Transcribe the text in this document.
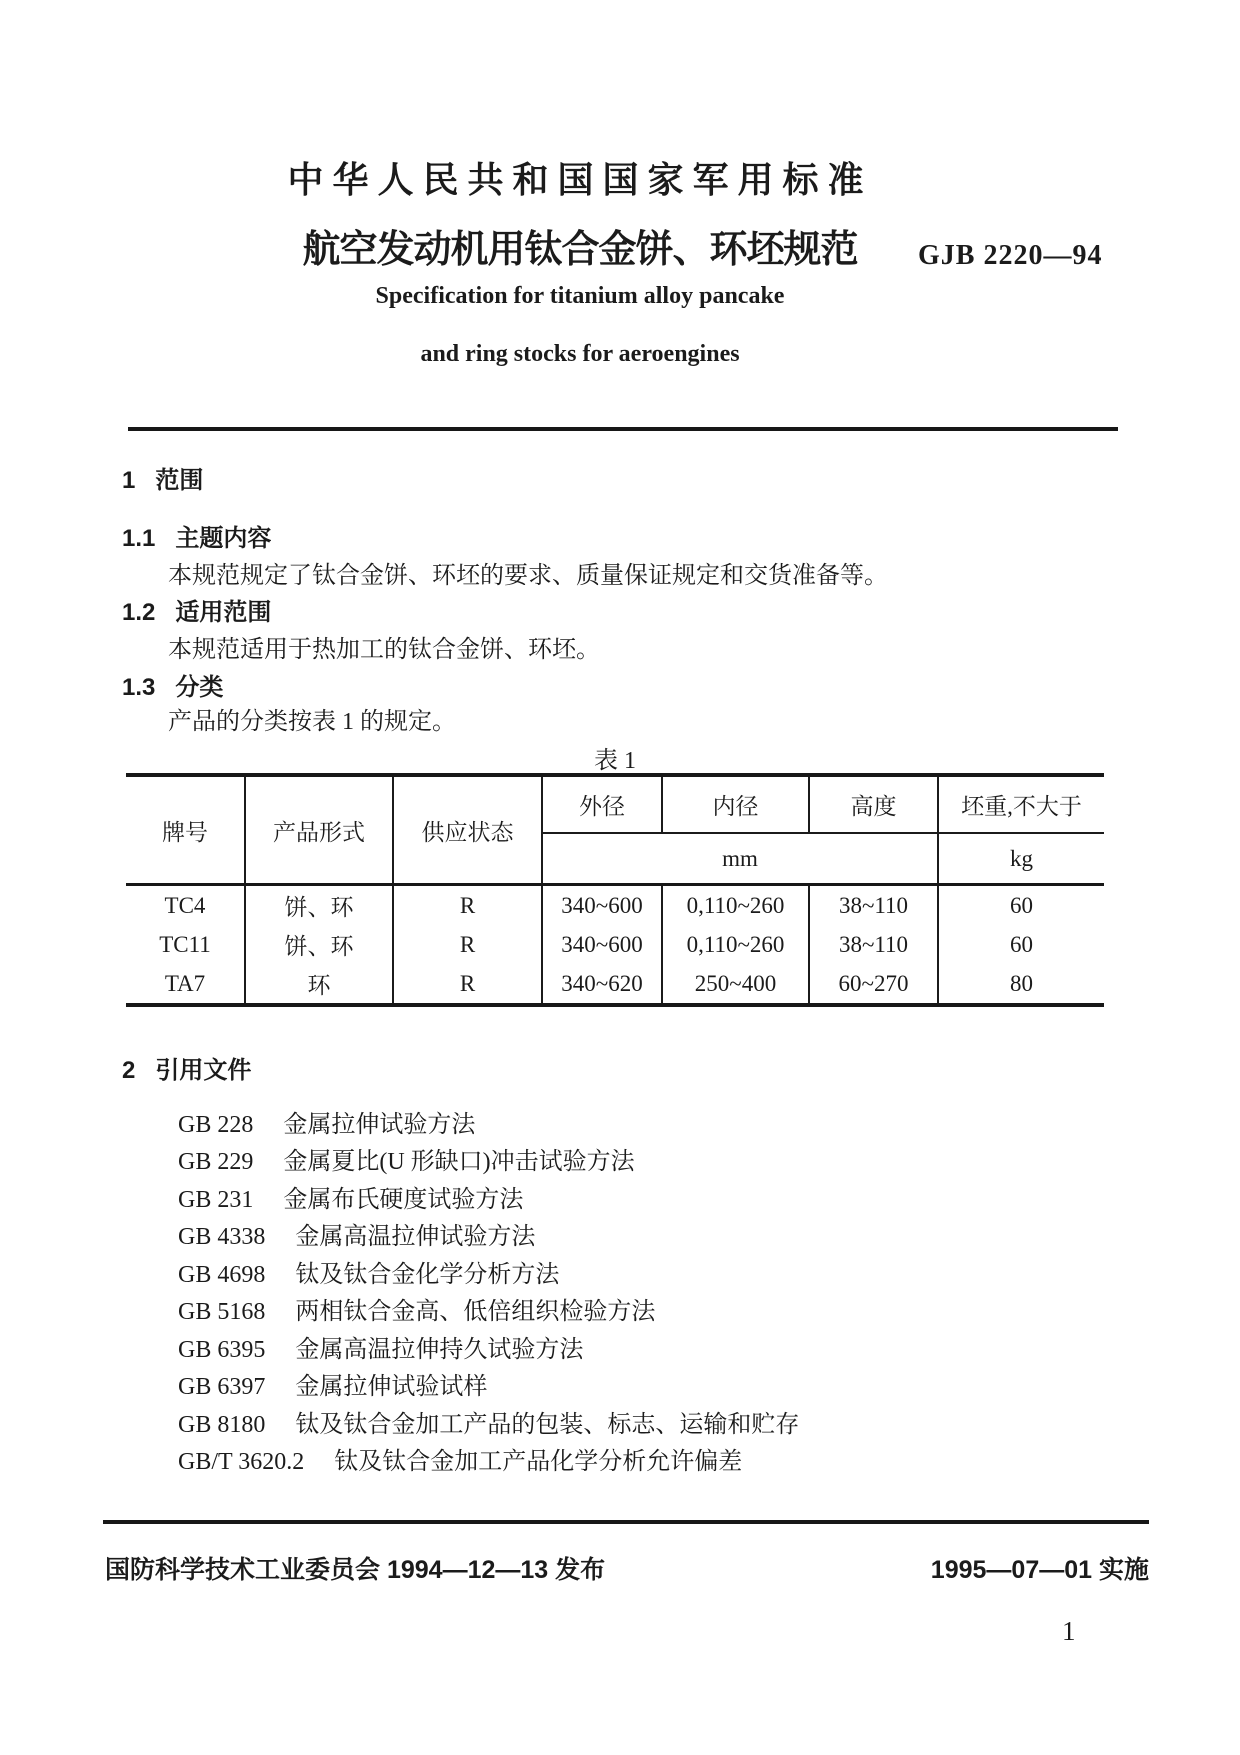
中华人民共和国国家军用标准
航空发动机用钛合金饼、环坯规范	GJB 2220—94
Specification for titanium alloy pancake
and ring stocks for aeroengines
1 范围
1.1 主题内容
本规范规定了钛合金饼、环坯的要求、质量保证规定和交货准备等。
1.2 适用范围
本规范适用于热加工的钛合金饼、环坯。
1.3 分类
产品的分类按表 1 的规定。
表 1
牌号	产品形式	供应状态	外径	内径	高度	坯重,不大于
			mm			kg
TC4	饼、环	R	340~600	0,110~260	38~110	60
TC11	饼、环	R	340~600	0,110~260	38~110	60
TA7	环	R	340~620	250~400	60~270	80
2 引用文件
GB 228 金属拉伸试验方法
GB 229 金属夏比(U 形缺口)冲击试验方法
GB 231 金属布氏硬度试验方法
GB 4338 金属高温拉伸试验方法
GB 4698 钛及钛合金化学分析方法
GB 5168 两相钛合金高、低倍组织检验方法
GB 6395 金属高温拉伸持久试验方法
GB 6397 金属拉伸试验试样
GB 8180 钛及钛合金加工产品的包装、标志、运输和贮存
GB/T 3620.2 钛及钛合金加工产品化学分析允许偏差
国防科学技术工业委员会 1994—12—13 发布	1995—07—01 实施
1
